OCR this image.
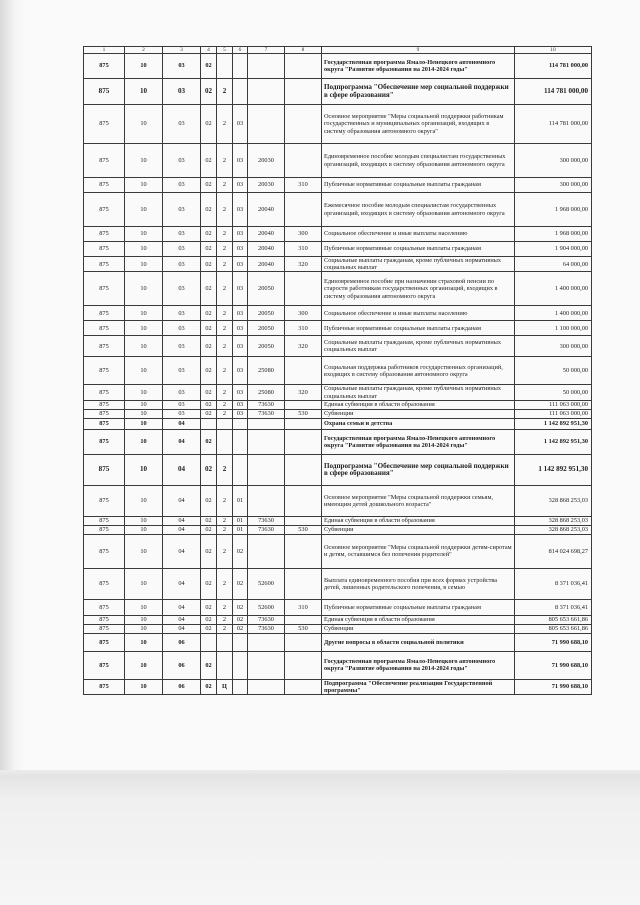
1	2	3	4	5	6	7	8	9	10
875	10	03	02					Государственная программа Ямало-Ненецкого автономного округа "Развитие образования на 2014-2024 годы"	114 781 000,00
875	10	03	02	2				Подпрограмма "Обеспечение мер социальной поддержки в сфере образования"	114 781 000,00
875	10	03	02	2	03			Основное мероприятие "Меры социальной поддержки работникам государственных и муниципальных организаций, входящих в систему образования автономного округа"	114 781 000,00
875	10	03	02	2	03	20030		Единовременное пособие молодым специалистам государственных организаций, входящих в систему образования автономного округа	300 000,00
875	10	03	02	2	03	20030	310	Публичные нормативные социальные выплаты гражданам	300 000,00
875	10	03	02	2	03	20040		Ежемесячное пособие молодым специалистам государственных организаций, входящих в систему образования автономного округа	1 968 000,00
875	10	03	02	2	03	20040	300	Социальное обеспечение и иные выплаты населению	1 968 000,00
875	10	03	02	2	03	20040	310	Публичные нормативные социальные выплаты гражданам	1 904 000,00
875	10	03	02	2	03	20040	320	Социальные выплаты гражданам, кроме публичных нормативных социальных выплат	64 000,00
875	10	03	02	2	03	20050		Единовременное пособие при назначении страховой пенсии по старости работникам государственных организаций, входящих в систему образования автономного округа	1 400 000,00
875	10	03	02	2	03	20050	300	Социальное обеспечение и иные выплаты населению	1 400 000,00
875	10	03	02	2	03	20050	310	Публичные нормативные социальные выплаты гражданам	1 100 000,00
875	10	03	02	2	03	20050	320	Социальные выплаты гражданам, кроме публичных нормативных социальных выплат	300 000,00
875	10	03	02	2	03	25080		Социальная поддержка работников государственных организаций, входящих в систему образования автономного округа	50 000,00
875	10	03	02	2	03	25080	320	Социальные выплаты гражданам, кроме публичных нормативных социальных выплат	50 000,00
875	10	03	02	2	03	73630		Единая субвенция в области образования	111 063 000,00
875	10	03	02	2	03	73630	530	Субвенции	111 063 000,00
875	10	04						Охрана семьи и детства	1 142 892 951,30
875	10	04	02					Государственная программа Ямало-Ненецкого автономного округа "Развитие образования на 2014-2024 годы"	1 142 892 951,30
875	10	04	02	2				Подпрограмма "Обеспечение мер социальной поддержки в сфере образования"	1 142 892 951,30
875	10	04	02	2	01			Основное мероприятие "Меры социальной поддержки семьям, имеющим детей дошкольного возраста"	328 868 253,03
875	10	04	02	2	01	73630		Единая субвенция в области образования	328 868 253,03
875	10	04	02	2	01	73630	530	Субвенции	328 868 253,03
875	10	04	02	2	02			Основное мероприятие "Меры социальной поддержки детям-сиротам и детям, оставшимся без попечения родителей"	814 024 698,27
875	10	04	02	2	02	52600		Выплата единовременного пособия при всех формах устройства детей, лишенных родительского попечения, в семью	8 371 036,41
875	10	04	02	2	02	52600	310	Публичные нормативные социальные выплаты гражданам	8 371 036,41
875	10	04	02	2	02	73630		Единая субвенция в области образования	805 653 661,86
875	10	04	02	2	02	73630	530	Субвенции	805 653 661,86
875	10	06						Другие вопросы в области социальной политики	71 990 688,10
875	10	06	02					Государственная программа Ямало-Ненецкого автономного округа "Развитие образования на 2014-2024 годы"	71 990 688,10
875	10	06	02	Ц				Подпрограмма "Обеспечение реализации Государственной программы"	71 990 688,10
